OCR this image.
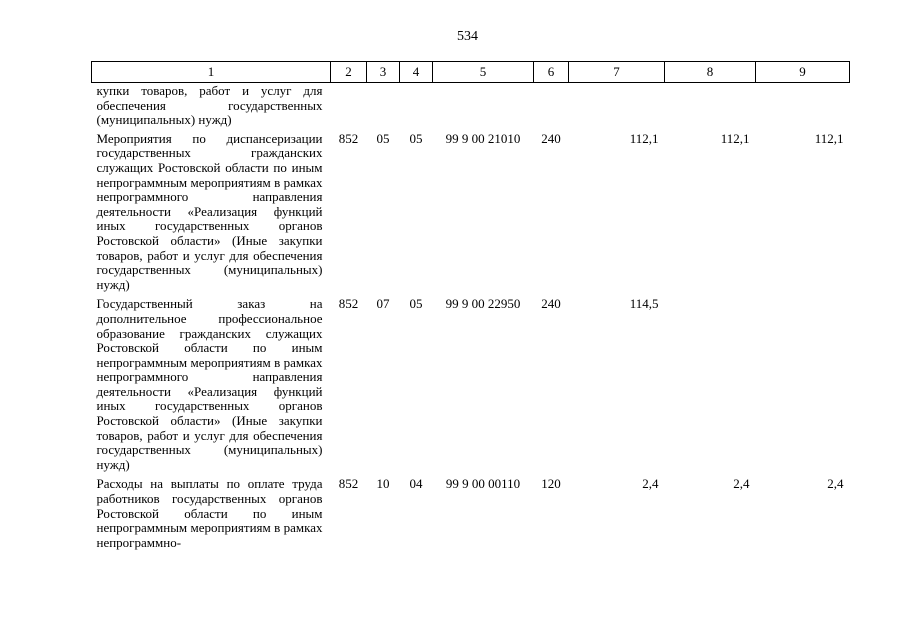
534
1	2	3	4	5	6	7	8	9
купки товаров, работ и услуг для обеспечения государственных (муниципальных) нужд)								
Мероприятия по диспансеризации государственных гражданских служащих Ростовской области по иным непрограммным мероприятиям в рамках непрограммного направления деятельности «Реализация функций иных государственных органов Ростовской области» (Иные закупки товаров, работ и услуг для обеспечения государственных (муниципальных) нужд)	852	05	05	99 9 00 21010	240	112,1	112,1	112,1
Государственный заказ на дополнительное профессиональное образование гражданских служащих Ростовской области по иным непрограммным мероприятиям в рамках непрограммного направления деятельности «Реализация функций иных государственных органов Ростовской области» (Иные закупки товаров, работ и услуг для обеспечения государственных (муниципальных) нужд)	852	07	05	99 9 00 22950	240	114,5		
Расходы на выплаты по оплате труда работников государственных органов Ростовской области по иным непрограммным мероприятиям в рамках непрограммно-	852	10	04	99 9 00 00110	120	2,4	2,4	2,4
